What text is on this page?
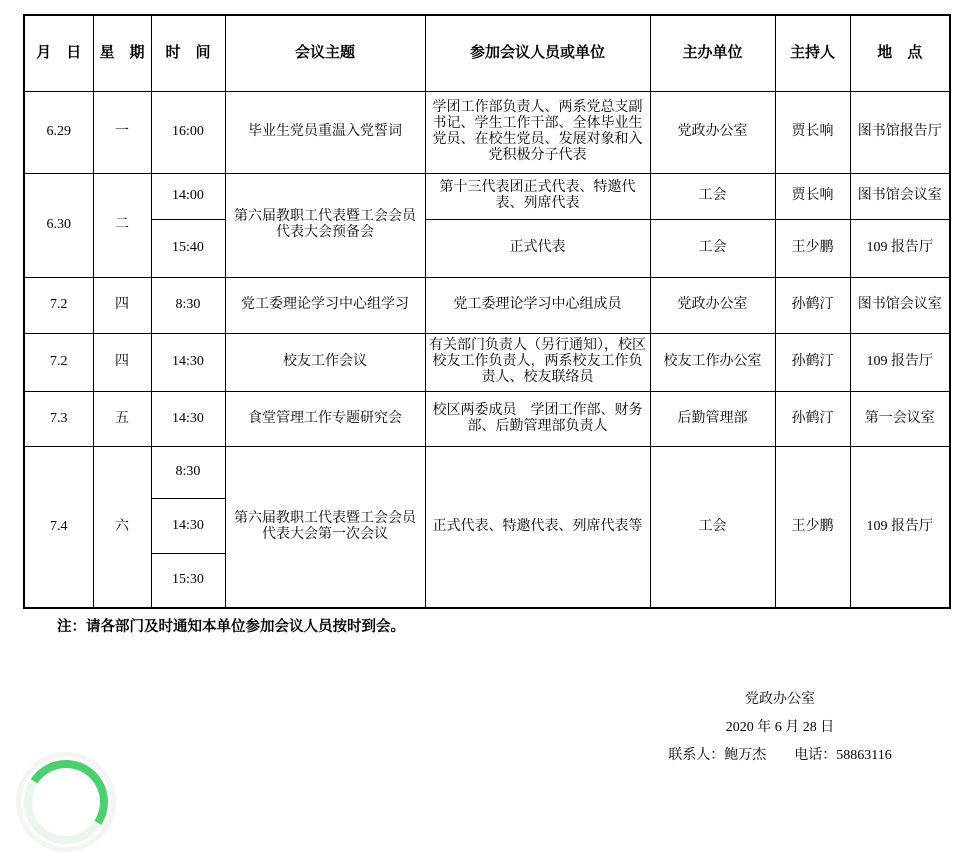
月　日	星　期	时　间	会议主题	参加会议人员或单位	主办单位	主持人	地　点
6.29	一	16:00	毕业生党员重温入党誓词	学团工作部负责人、两系党总支副书记、学生工作干部、全体毕业生党员、在校生党员、发展对象和入党积极分子代表	党政办公室	贾长响	图书馆报告厅
6.30	二	14:00	第六届教职工代表暨工会会员代表大会预备会	第十三代表团正式代表、特邀代表、列席代表	工会	贾长响	图书馆会议室
		15:40		正式代表	工会	王少鹏	109 报告厅
7.2	四	8:30	党工委理论学习中心组学习	党工委理论学习中心组成员	党政办公室	孙鹤汀	图书馆会议室
7.2	四	14:30	校友工作会议	有关部门负责人（另行通知），校区校友工作负责人，两系校友工作负责人、校友联络员	校友工作办公室	孙鹤汀	109 报告厅
7.3	五	14:30	食堂管理工作专题研究会	校区两委成员　学团工作部、财务部、后勤管理部负责人	后勤管理部	孙鹤汀	第一会议室
7.4	六	8:30	第六届教职工代表暨工会会员代表大会第一次会议	正式代表、特邀代表、列席代表等	工会	王少鹏	109 报告厅
		14:30					
		15:30					
注：请各部门及时通知本单位参加会议人员按时到会。
党政办公室
2020 年 6 月 28 日
联系人：鲍万杰 电话：58863116
